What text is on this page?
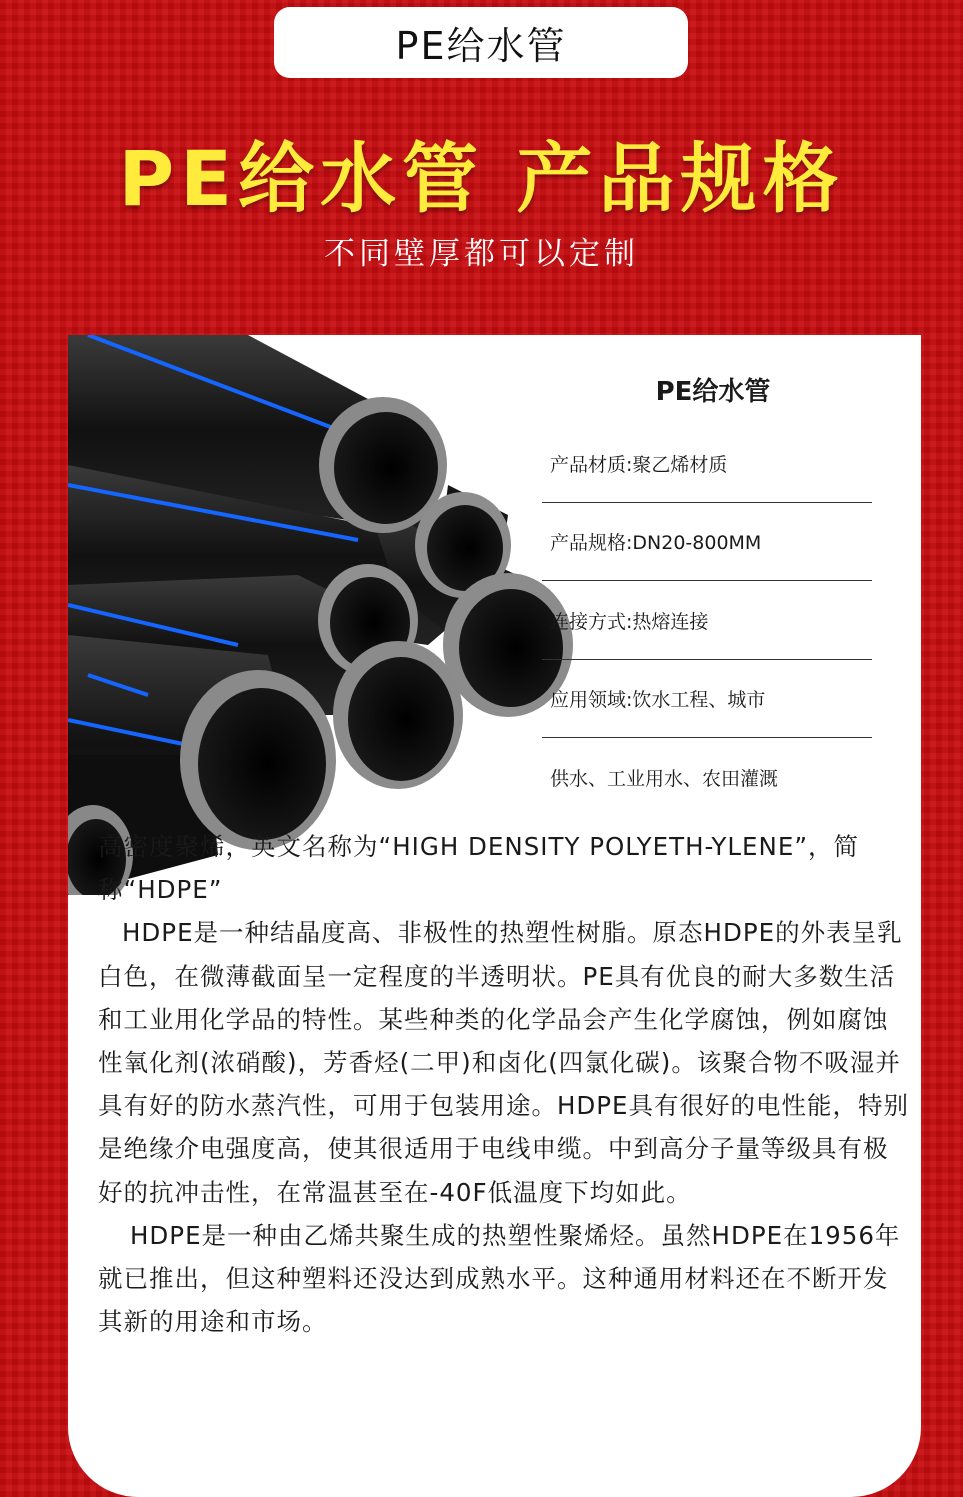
PE给水管
PE给水管 产品规格
不同壁厚都可以定制
PE给水管
产品材质:聚乙烯材质
产品规格:DN20-800MM
连接方式:热熔连接
应用领域:饮水工程、城市
供水、工业用水、农田灌溉

高密度聚烯，英文名称为“HIGH DENSITY POLYETH-YLENE”，简称“HDPE”

HDPE是一种结晶度高、非极性的热塑性树脂。原态HDPE的外表呈乳白色，在微薄截面呈一定程度的半透明状。PE具有优良的耐大多数生活和工业用化学品的特性。某些种类的化学品会产生化学腐蚀，例如腐蚀性氧化剂(浓硝酸)，芳香烃(二甲)和卤化(四氯化碳)。该聚合物不吸湿并具有好的防水蒸汽性，可用于包装用途。HDPE具有很好的电性能，特别是绝缘介电强度高，使其很适用于电线申缆。中到高分子量等级具有极好的抗冲击性，在常温甚至在-40F低温度下均如此。

HDPE是一种由乙烯共聚生成的热塑性聚烯烃。虽然HDPE在1956年就已推出，但这种塑料还没达到成熟水平。这种通用材料还在不断开发其新的用途和市场。
